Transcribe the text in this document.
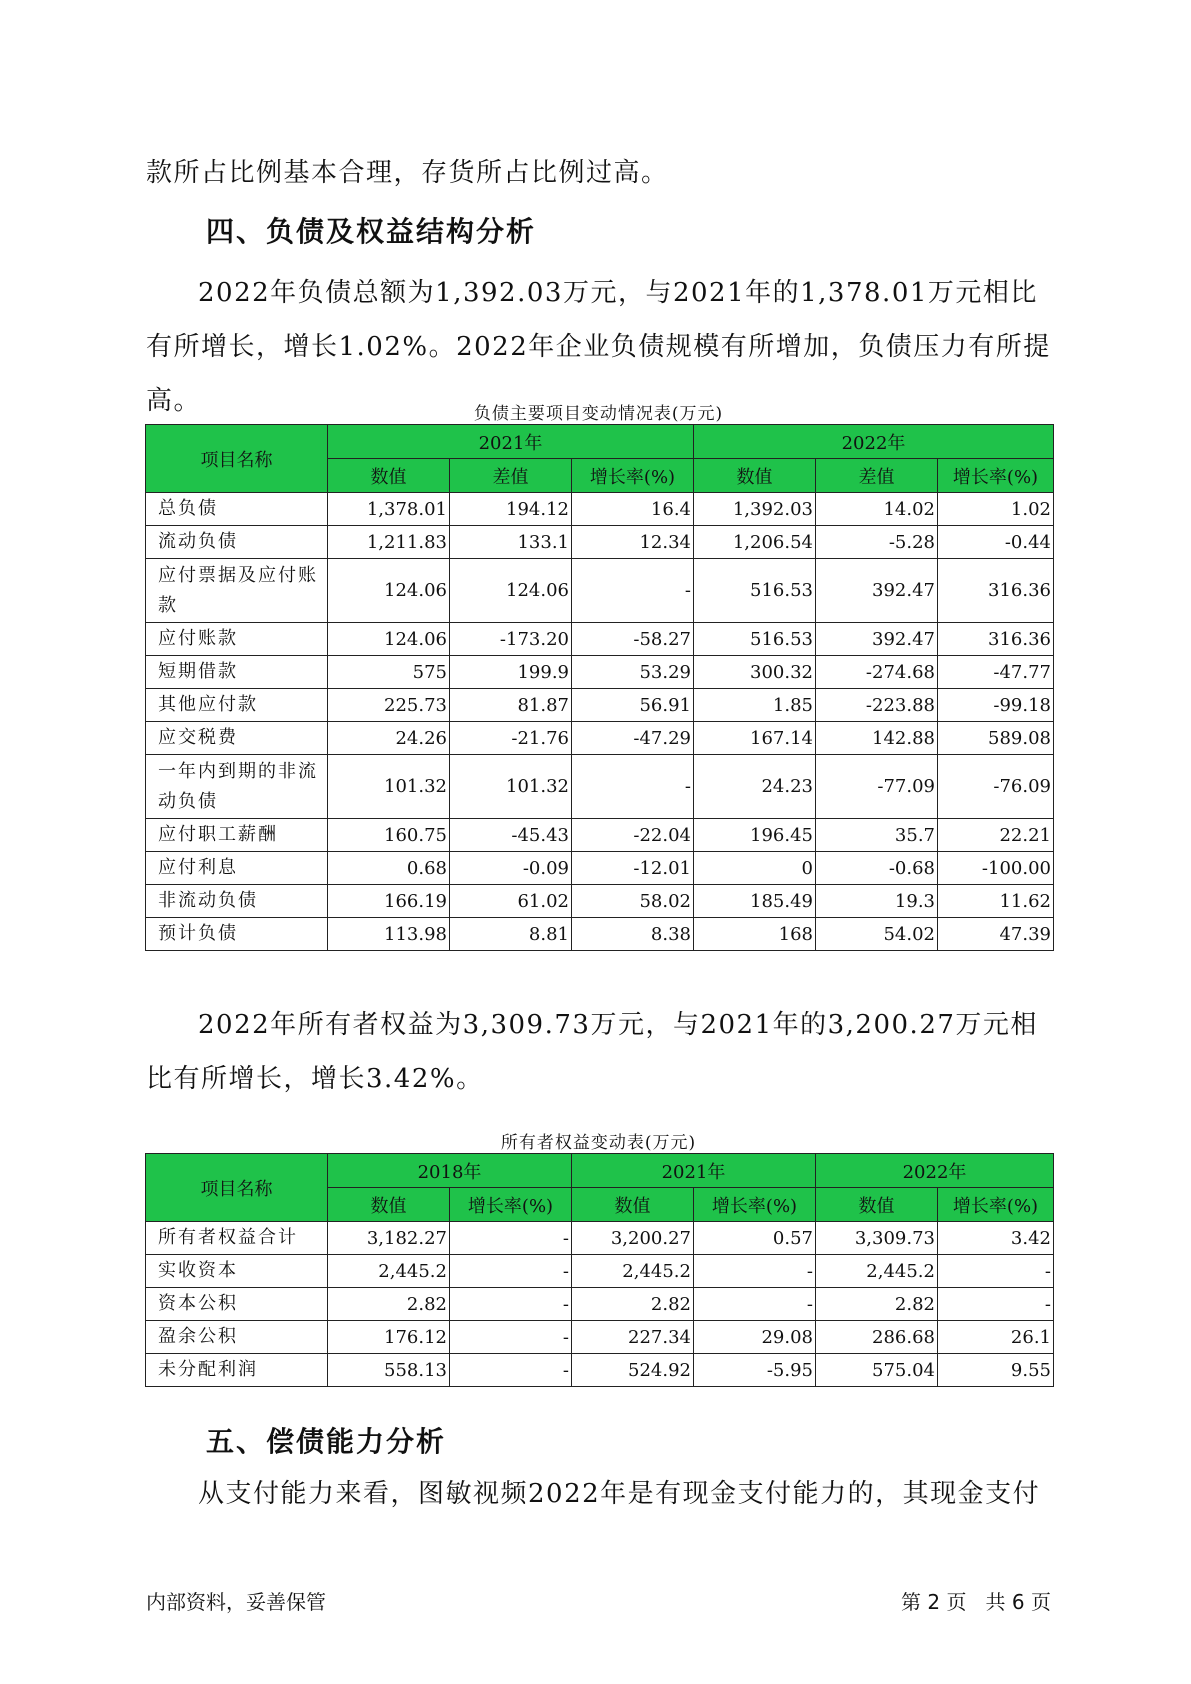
款所占比例基本合理，存货所占比例过高。
四、负债及权益结构分析
2022年负债总额为1,392.03万元，与2021年的1,378.01万元相比有所增长，增长1.02%。2022年企业负债规模有所增加，负债压力有所提高。	负债主要项目变动情况表(万元)
项目名称	2021年			2022年		
	数值	差值	增长率(%)	数值	差值	增长率(%)
总负债	1,378.01	194.12	16.4	1,392.03	14.02	1.02
流动负债	1,211.83	133.1	12.34	1,206.54	-5.28	-0.44
应付票据及应付账款	124.06	124.06	-	516.53	392.47	316.36
应付账款	124.06	-173.20	-58.27	516.53	392.47	316.36
短期借款	575	199.9	53.29	300.32	-274.68	-47.77
其他应付款	225.73	81.87	56.91	1.85	-223.88	-99.18
应交税费	24.26	-21.76	-47.29	167.14	142.88	589.08
一年内到期的非流动负债	101.32	101.32	-	24.23	-77.09	-76.09
应付职工薪酬	160.75	-45.43	-22.04	196.45	35.7	22.21
应付利息	0.68	-0.09	-12.01	0	-0.68	-100.00
非流动负债	166.19	61.02	58.02	185.49	19.3	11.62
预计负债	113.98	8.81	8.38	168	54.02	47.39
2022年所有者权益为3,309.73万元，与2021年的3,200.27万元相比有所增长，增长3.42%。
所有者权益变动表(万元)
项目名称	2018年		2021年		2022年	
	数值	增长率(%)	数值	增长率(%)	数值	增长率(%)
所有者权益合计	3,182.27	-	3,200.27	0.57	3,309.73	3.42
实收资本	2,445.2	-	2,445.2	-	2,445.2	-
资本公积	2.82	-	2.82	-	2.82	-
盈余公积	176.12	-	227.34	29.08	286.68	26.1
未分配利润	558.13	-	524.92	-5.95	575.04	9.55
五、偿债能力分析
从支付能力来看，图敏视频2022年是有现金支付能力的，其现金支付
内部资料，妥善保管	第 2 页   共 6 页
